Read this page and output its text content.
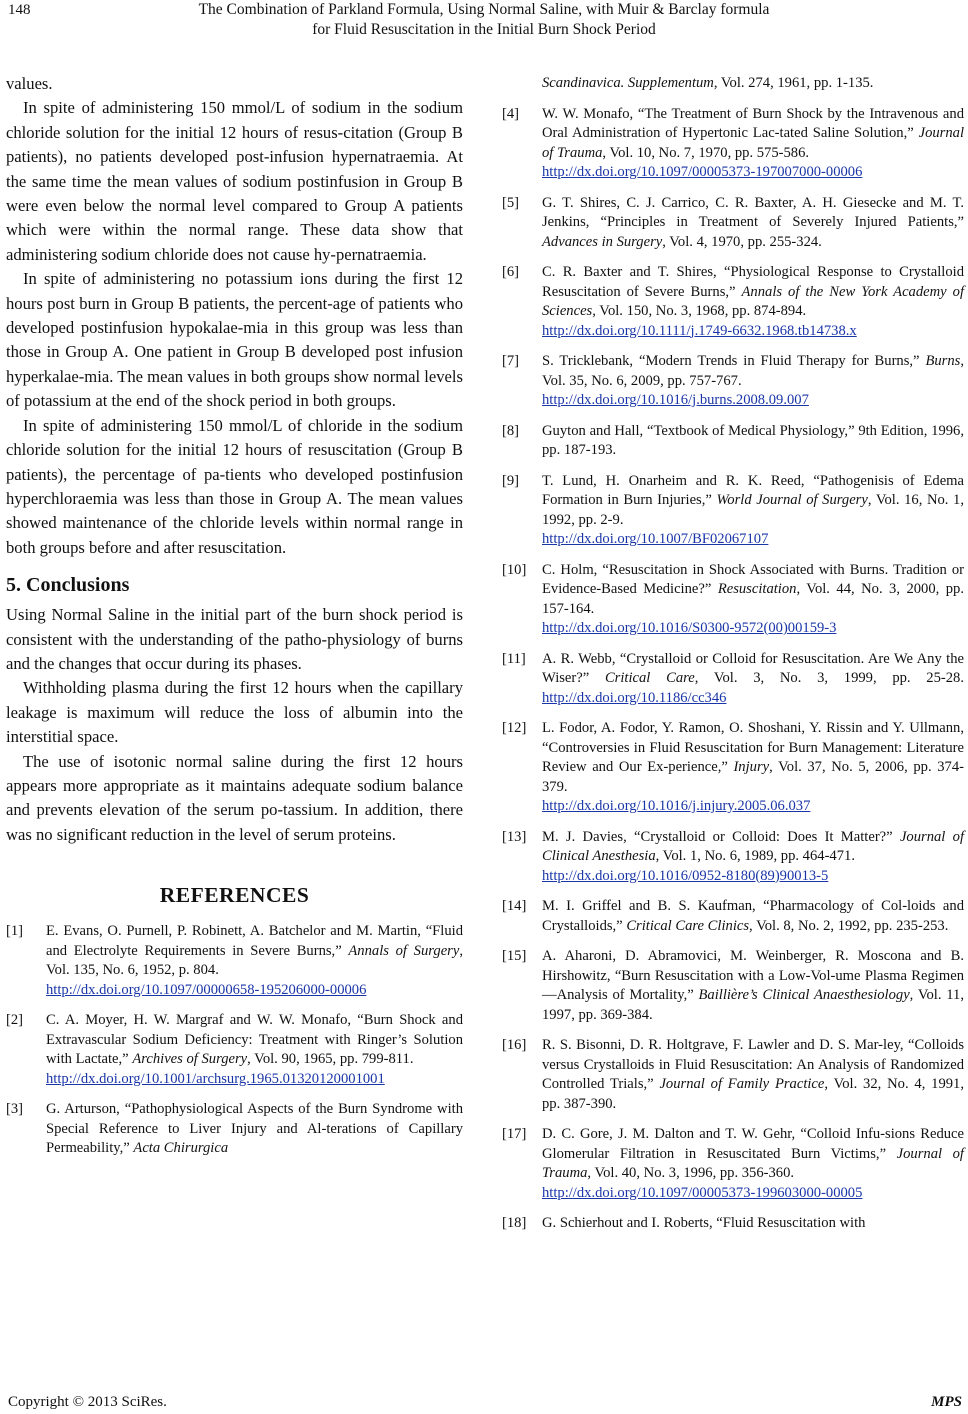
148	The Combination of Parkland Formula, Using Normal Saline, with Muir & Barclay formula
for Fluid Resuscitation in the Initial Burn Shock Period

values.

In spite of administering 150 mmol/L of sodium in the sodium chloride solution for the initial 12 hours of resus-citation (Group B patients), no patients developed post-infusion hypernatraemia. At the same time the mean values of sodium postinfusion in Group B were even below the normal level compared to Group A patients which were within the normal range. These data show that administering sodium chloride does not cause hy-pernatraemia.

In spite of administering no potassium ions during the first 12 hours post burn in Group B patients, the percent-age of patients who developed postinfusion hypokalae-mia in this group was less than those in Group A. One patient in Group B developed post infusion hyperkalae-mia. The mean values in both groups show normal levels of potassium at the end of the shock period in both groups.

In spite of administering 150 mmol/L of chloride in the sodium chloride solution for the initial 12 hours of resuscitation (Group B patients), the percentage of pa-tients who developed postinfusion hyperchloraemia was less than those in Group A. The mean values showed maintenance of the chloride levels within normal range in both groups before and after resuscitation.

5. Conclusions

Using Normal Saline in the initial part of the burn shock period is consistent with the understanding of the patho-physiology of burns and the changes that occur during its phases.

Withholding plasma during the first 12 hours when the capillary leakage is maximum will reduce the loss of albumin into the interstitial space.

The use of isotonic normal saline during the first 12 hours appears more appropriate as it maintains adequate sodium balance and prevents elevation of the serum po-tassium. In addition, there was no significant reduction in the level of serum proteins.

REFERENCES
[1]	E. Evans, O. Purnell, P. Robinett, A. Batchelor and M. Martin, “Fluid and Electrolyte Requirements in Severe Burns,” Annals of Surgery, Vol. 135, No. 6, 1952, p. 804.
http://dx.doi.org/10.1097/00000658-195206000-00006
[2]	C. A. Moyer, H. W. Margraf and W. W. Monafo, “Burn Shock and Extravascular Sodium Deficiency: Treatment with Ringer’s Solution with Lactate,” Archives of Surgery, Vol. 90, 1965, pp. 799-811.
http://dx.doi.org/10.1001/archsurg.1965.01320120001001
[3]	G. Arturson, “Pathophysiological Aspects of the Burn Syndrome with Special Reference to Liver Injury and Al-terations of Capillary Permeability,” Acta Chirurgica
Scandinavica. Supplementum, Vol. 274, 1961, pp. 1-135.
[4]	W. W. Monafo, “The Treatment of Burn Shock by the Intravenous and Oral Administration of Hypertonic Lac-tated Saline Solution,” Journal of Trauma, Vol. 10, No. 7, 1970, pp. 575-586.
http://dx.doi.org/10.1097/00005373-197007000-00006
[5]	G. T. Shires, C. J. Carrico, C. R. Baxter, A. H. Giesecke and M. T. Jenkins, “Principles in Treatment of Severely Injured Patients,” Advances in Surgery, Vol. 4, 1970, pp. 255-324.
[6]	C. R. Baxter and T. Shires, “Physiological Response to Crystalloid Resuscitation of Severe Burns,” Annals of the New York Academy of Sciences, Vol. 150, No. 3, 1968, pp. 874-894.
http://dx.doi.org/10.1111/j.1749-6632.1968.tb14738.x
[7]	S. Tricklebank, “Modern Trends in Fluid Therapy for Burns,” Burns, Vol. 35, No. 6, 2009, pp. 757-767.
http://dx.doi.org/10.1016/j.burns.2008.09.007
[8]	Guyton and Hall, “Textbook of Medical Physiology,” 9th Edition, 1996, pp. 187-193.
[9]	T. Lund, H. Onarheim and R. K. Reed, “Pathogenisis of Edema Formation in Burn Injuries,” World Journal of Surgery, Vol. 16, No. 1, 1992, pp. 2-9.
http://dx.doi.org/10.1007/BF02067107
[10]	C. Holm, “Resuscitation in Shock Associated with Burns. Tradition or Evidence-Based Medicine?” Resuscitation, Vol. 44, No. 3, 2000, pp. 157-164.
http://dx.doi.org/10.1016/S0300-9572(00)00159-3
[11]	A. R. Webb, “Crystalloid or Colloid for Resuscitation. Are We Any the Wiser?” Critical Care, Vol. 3, No. 3, 1999, pp. 25-28. http://dx.doi.org/10.1186/cc346
[12]	L. Fodor, A. Fodor, Y. Ramon, O. Shoshani, Y. Rissin and Y. Ullmann, “Controversies in Fluid Resuscitation for Burn Management: Literature Review and Our Ex-perience,” Injury, Vol. 37, No. 5, 2006, pp. 374-379.
http://dx.doi.org/10.1016/j.injury.2005.06.037
[13]	M. J. Davies, “Crystalloid or Colloid: Does It Matter?” Journal of Clinical Anesthesia, Vol. 1, No. 6, 1989, pp. 464-471.
http://dx.doi.org/10.1016/0952-8180(89)90013-5
[14]	M. I. Griffel and B. S. Kaufman, “Pharmacology of Col-loids and Crystalloids,” Critical Care Clinics, Vol. 8, No. 2, 1992, pp. 235-253.
[15]	A. Aharoni, D. Abramovici, M. Weinberger, R. Moscona and B. Hirshowitz, “Burn Resuscitation with a Low-Vol-ume Plasma Regimen—Analysis of Mortality,” Baillière’s Clinical Anaesthesiology, Vol. 11, 1997, pp. 369-384.
[16]	R. S. Bisonni, D. R. Holtgrave, F. Lawler and D. S. Mar-ley, “Colloids versus Crystalloids in Fluid Resuscitation: An Analysis of Randomized Controlled Trials,” Journal of Family Practice, Vol. 32, No. 4, 1991, pp. 387-390.
[17]	D. C. Gore, J. M. Dalton and T. W. Gehr, “Colloid Infu-sions Reduce Glomerular Filtration in Resuscitated Burn Victims,” Journal of Trauma, Vol. 40, No. 3, 1996, pp. 356-360.
http://dx.doi.org/10.1097/00005373-199603000-00005
[18]	G. Schierhout and I. Roberts, “Fluid Resuscitation with
Copyright © 2013 SciRes.	MPS
